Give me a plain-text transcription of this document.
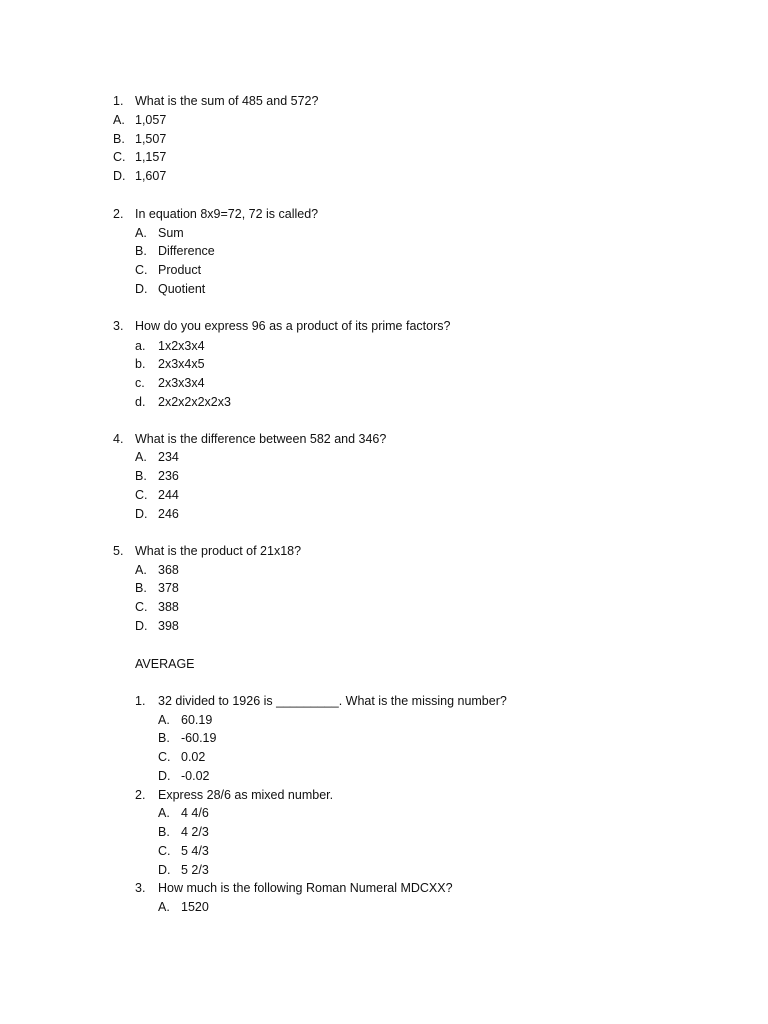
1. What is the sum of 485 and 572?
A. 1,057
B. 1,507
C. 1,157
D. 1,607
2. In equation 8x9=72, 72 is called?
A. Sum
B. Difference
C. Product
D. Quotient
3. How do you express 96 as a product of its prime factors?
a. 1x2x3x4
b. 2x3x4x5
c. 2x3x3x4
d. 2x2x2x2x2x3
4. What is the difference between 582 and 346?
A. 234
B. 236
C. 244
D. 246
5. What is the product of 21x18?
A. 368
B. 378
C. 388
D. 398
AVERAGE
1. 32 divided to 1926 is _________. What is the missing number?
A. 60.19
B. -60.19
C. 0.02
D. -0.02
2. Express 28/6 as mixed number.
A. 4 4/6
B. 4 2/3
C. 5 4/3
D. 5 2/3
3. How much is the following Roman Numeral MDCXX?
A. 1520
